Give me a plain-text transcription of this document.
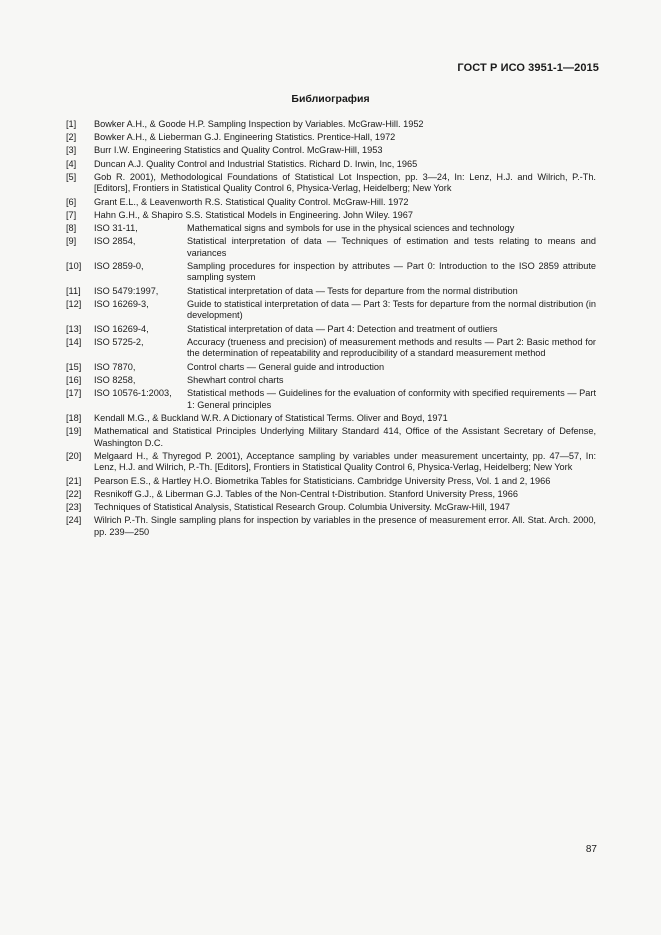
ГОСТ Р ИСО 3951-1—2015
Библиография
[1] Bowker A.H., & Goode H.P. Sampling Inspection by Variables. McGraw-Hill. 1952
[2] Bowker A.H., & Lieberman G.J. Engineering Statistics. Prentice-Hall, 1972
[3] Burr I.W. Engineering Statistics and Quality Control. McGraw-Hill, 1953
[4] Duncan A.J. Quality Control and Industrial Statistics. Richard D. Irwin, Inc, 1965
[5] Gob R. 2001), Methodological Foundations of Statistical Lot Inspection, pp. 3—24, In: Lenz, H.J. and Wilrich, P.-Th. [Editors], Frontiers in Statistical Quality Control 6, Physica-Verlag, Heidelberg; New York
[6] Grant E.L., & Leavenworth R.S. Statistical Quality Control. McGraw-Hill. 1972
[7] Hahn G.H., & Shapiro S.S. Statistical Models in Engineering. John Wiley. 1967
[8] ISO 31-11,	Mathematical signs and symbols for use in the physical sciences and technology
[9] ISO 2854,	Statistical interpretation of data — Techniques of estimation and tests relating to means and variances
[10] ISO 2859-0,	Sampling procedures for inspection by attributes — Part 0: Introduction to the ISO 2859 attribute sampling system
[11] ISO 5479:1997,	Statistical interpretation of data — Tests for departure from the normal distribution
[12] ISO 16269-3,	Guide to statistical interpretation of data — Part 3: Tests for departure from the normal distribution (in development)
[13] ISO 16269-4,	Statistical interpretation of data — Part 4: Detection and treatment of outliers
[14] ISO 5725-2,	Accuracy (trueness and precision) of measurement methods and results — Part 2: Basic method for the determination of repeatability and reproducibility of a standard measurement method
[15] ISO 7870,	Control charts — General guide and introduction
[16] ISO 8258,	Shewhart control charts
[17] ISO 10576-1:2003,	Statistical methods — Guidelines for the evaluation of conformity with specified requirements — Part 1: General principles
[18] Kendall M.G., & Buckland W.R. A Dictionary of Statistical Terms. Oliver and Boyd, 1971
[19] Mathematical and Statistical Principles Underlying Military Standard 414, Office of the Assistant Secretary of Defense, Washington D.C.
[20] Melgaard H., & Thyregod P. 2001), Acceptance sampling by variables under measurement uncertainty, pp. 47—57, In: Lenz, H.J. and Wilrich, P.-Th. [Editors], Frontiers in Statistical Quality Control 6, Physica-Verlag, Heidelberg; New York
[21] Pearson E.S., & Hartley H.O. Biometrika Tables for Statisticians. Cambridge University Press, Vol. 1 and 2, 1966
[22] Resnikoff G.J., & Liberman G.J. Tables of the Non-Central t-Distribution. Stanford University Press, 1966
[23] Techniques of Statistical Analysis, Statistical Research Group. Columbia University. McGraw-Hill, 1947
[24] Wilrich P.-Th. Single sampling plans for inspection by variables in the presence of measurement error. All. Stat. Arch. 2000, pp. 239—250
87
